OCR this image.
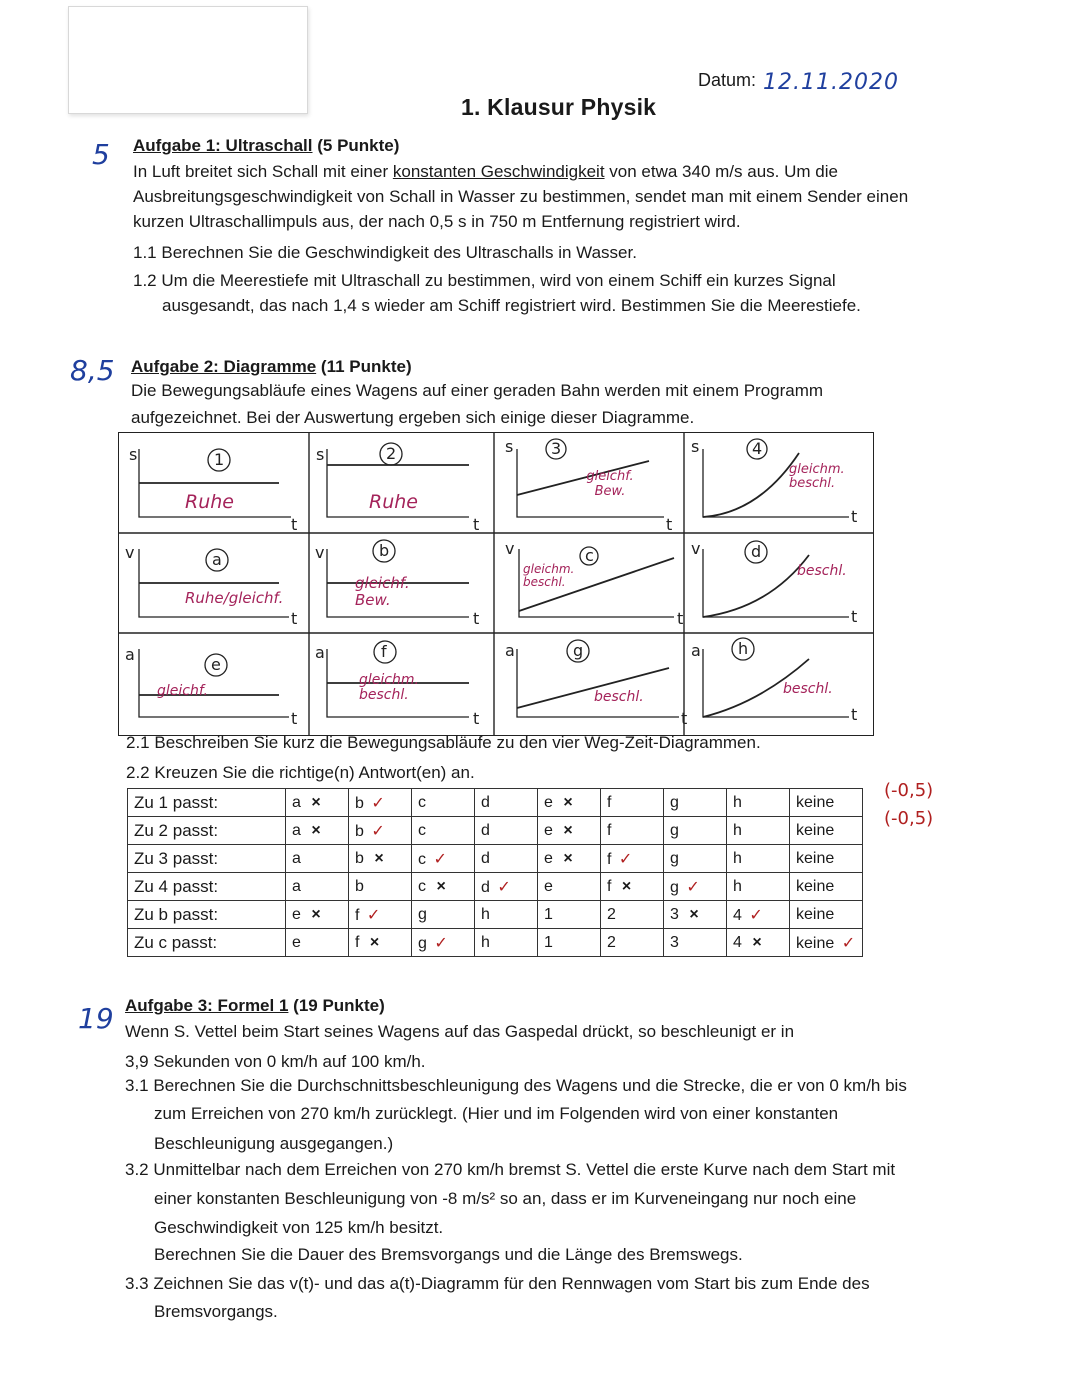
Datum: 12.11.2020
1. Klausur Physik
5 Aufgabe 1: Ultraschall (5 Punkte)
In Luft breitet sich Schall mit einer konstanten Geschwindigkeit von etwa 340 m/s aus. Um die
Ausbreitungsgeschwindigkeit von Schall in Wasser zu bestimmen, sendet man mit einem Sender einen
kurzen Ultraschallimpuls aus, der nach 0,5 s in 750 m Entfernung registriert wird.
1.1 Berechnen Sie die Geschwindigkeit des Ultraschalls in Wasser.
1.2 Um die Meerestiefe mit Ultraschall zu bestimmen, wird von einem Schiff ein kurzes Signal
ausgesandt, das nach 1,4 s wieder am Schiff registriert wird. Bestimmen Sie die Meerestiefe.
8,5 Aufgabe 2: Diagramme (11 Punkte)
Die Bewegungsabläufe eines Wagens auf einer geraden Bahn werden mit einem Programm
aufgezeichnet. Bei der Auswertung ergeben sich einige dieser Diagramme.
s	s	s	s
v	v	v	v
a	a	a	a
t	t	t	t
t	t	t	t
t	t	t	t
1	2	3	4
a	b	c	d
e
f	g	h
Ruhe	Ruhe
gleichf. Bew.
gleichm. beschl.
Ruhe/gleichf.
gleichf. Bew.
gleichm. beschl.
beschl.
gleichf.
gleichm. beschl.	beschl.	beschl.
2.1 Beschreiben Sie kurz die Bewegungsabläufe zu den vier Weg-Zeit-Diagrammen.
2.2 Kreuzen Sie die richtige(n) Antwort(en) an.
Zu 1 passt:	a ×	b ✓	c	d	e ×	f	g	h	keine
Zu 2 passt:	a ×	b ✓	c	d	e ×	f	g	h	keine
Zu 3 passt:	a	b ×	c ✓	d	e ×	f ✓	g	h	keine
Zu 4 passt:	a	b	c ×	d ✓	e	f ×	g ✓	h	keine
Zu b passt:	e ×	f ✓	g	h	1	2	3 ×	4 ✓	keine
Zu c passt:	e	f ×	g ✓	h	1	2	3	4 ×	keine ✓
(-0,5)
(-0,5)
19 Aufgabe 3: Formel 1 (19 Punkte)
Wenn S. Vettel beim Start seines Wagens auf das Gaspedal drückt, so beschleunigt er in
3,9 Sekunden von 0 km/h auf 100 km/h.
3.1 Berechnen Sie die Durchschnittsbeschleunigung des Wagens und die Strecke, die er von 0 km/h bis
zum Erreichen von 270 km/h zurücklegt. (Hier und im Folgenden wird von einer konstanten
Beschleunigung ausgegangen.)
3.2 Unmittelbar nach dem Erreichen von 270 km/h bremst S. Vettel die erste Kurve nach dem Start mit
einer konstanten Beschleunigung von -8 m/s² so an, dass er im Kurveneingang nur noch eine
Geschwindigkeit von 125 km/h besitzt.
Berechnen Sie die Dauer des Bremsvorgangs und die Länge des Bremswegs.
3.3 Zeichnen Sie das v(t)- und das a(t)-Diagramm für den Rennwagen vom Start bis zum Ende des
Bremsvorgangs.
